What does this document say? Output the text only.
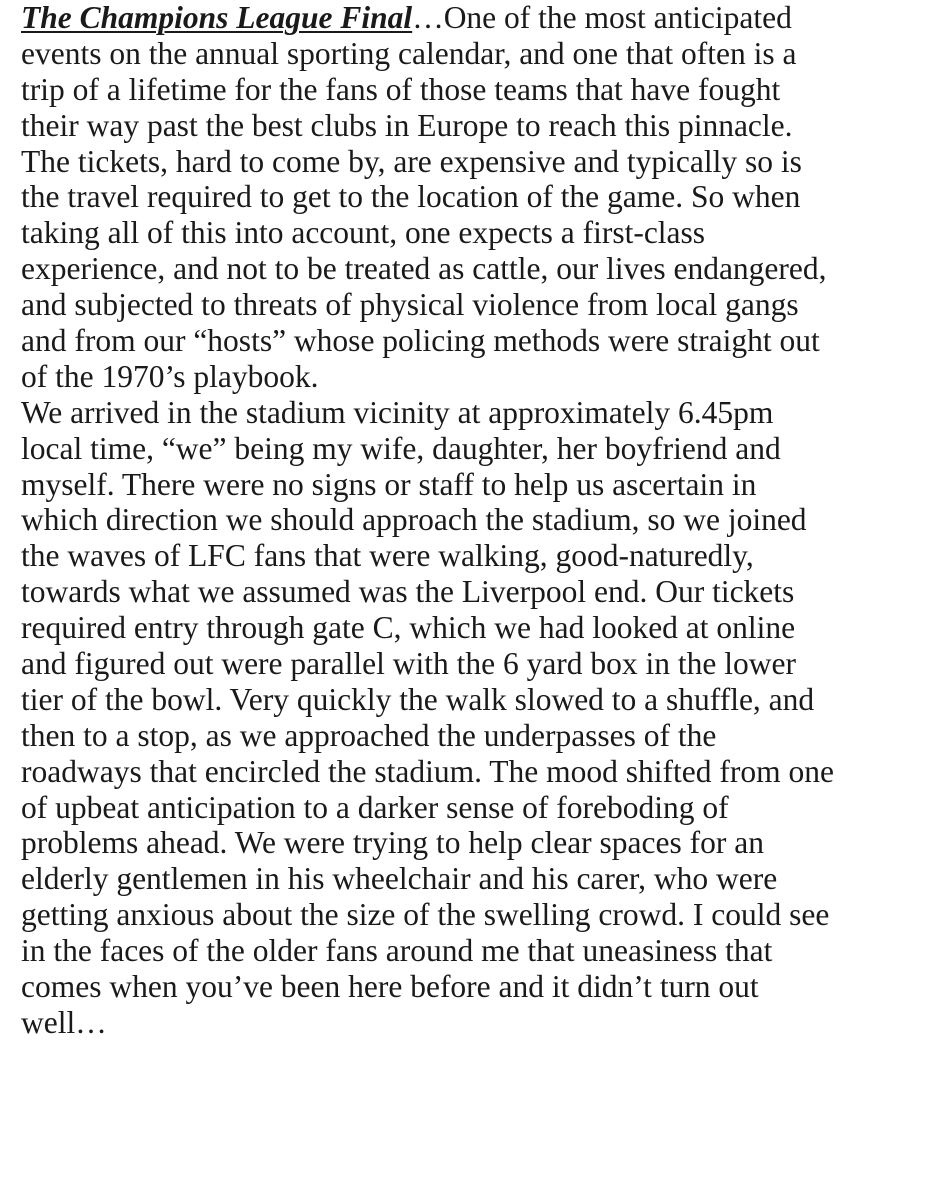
The Champions League Final…One of the most anticipated
events on the annual sporting calendar, and one that often is a
trip of a lifetime for the fans of those teams that have fought
their way past the best clubs in Europe to reach this pinnacle.
The tickets, hard to come by, are expensive and typically so is
the travel required to get to the location of the game. So when
taking all of this into account, one expects a first-class
experience, and not to be treated as cattle, our lives endangered,
and subjected to threats of physical violence from local gangs
and from our “hosts” whose policing methods were straight out
of the 1970’s playbook.
We arrived in the stadium vicinity at approximately 6.45pm
local time, “we” being my wife, daughter, her boyfriend and
myself. There were no signs or staff to help us ascertain in
which direction we should approach the stadium, so we joined
the waves of LFC fans that were walking, good-naturedly,
towards what we assumed was the Liverpool end. Our tickets
required entry through gate C, which we had looked at online
and figured out were parallel with the 6 yard box in the lower
tier of the bowl. Very quickly the walk slowed to a shuffle, and
then to a stop, as we approached the underpasses of the
roadways that encircled the stadium. The mood shifted from one
of upbeat anticipation to a darker sense of foreboding of
problems ahead. We were trying to help clear spaces for an
elderly gentlemen in his wheelchair and his carer, who were
getting anxious about the size of the swelling crowd. I could see
in the faces of the older fans around me that uneasiness that
comes when you’ve been here before and it didn’t turn out
well…
